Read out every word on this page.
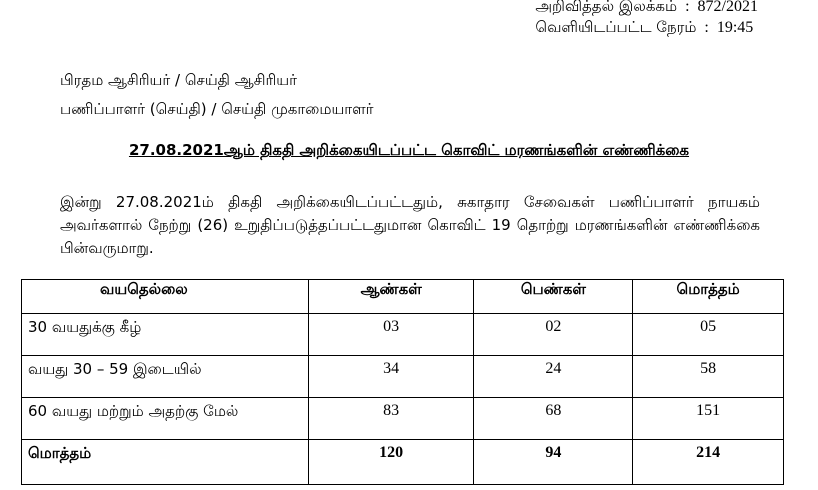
அறிவித்தல் இலக்கம்  :  872/2021
வெளியிடப்பட்ட நேரம்  :  19:45
பிரதம ஆசிரியர் / செய்தி ஆசிரியர்
பணிப்பாளர் (செய்தி) / செய்தி முகாமையாளர்
27.08.2021ஆம் திகதி அறிக்கையிடப்பட்ட கொவிட் மரணங்களின் எண்ணிக்கை
இன்று 27.08.2021ம் திகதி அறிக்கையிடப்பட்டதும், சுகாதார சேவைகள் பணிப்பாளர் நாயகம் அவர்களால் நேற்று (26) உறுதிப்படுத்தப்பட்டதுமான கொவிட் 19 தொற்று மரணங்களின் எண்ணிக்கை பின்வருமாறு.
வயதெல்லை	ஆண்கள்	பெண்கள்	மொத்தம்
30 வயதுக்கு கீழ்	03	02	05
வயது 30 – 59 இடையில்	34	24	58
60 வயது மற்றும் அதற்கு மேல்	83	68	151
மொத்தம்	120	94	214
